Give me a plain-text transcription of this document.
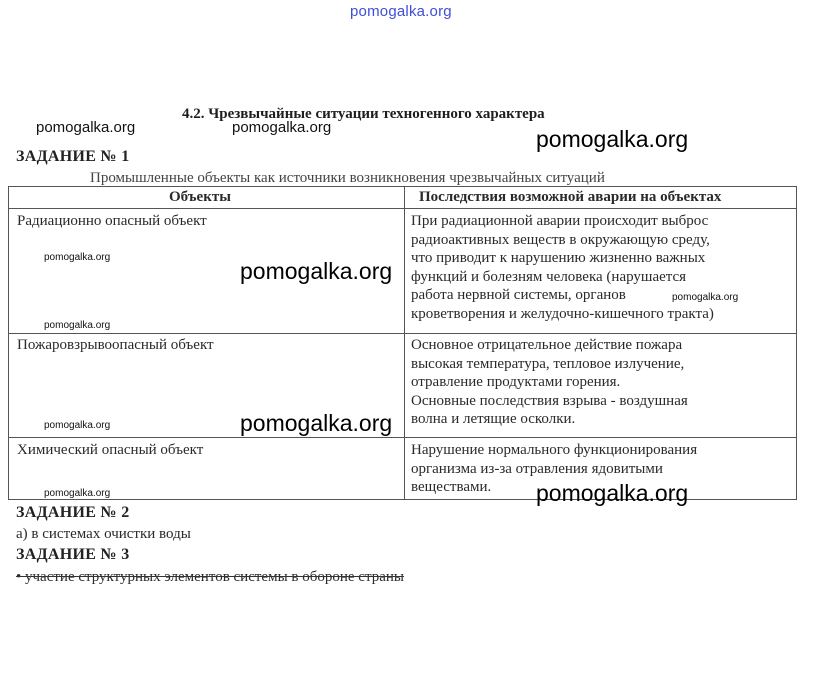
pomogalka.org
4.2. Чрезвычайные ситуации техногенного характера
pomogalka.org	pomogalka.org	pomogalka.org
ЗАДАНИЕ № 1
Промышленные объекты как источники возникновения чрезвычайных ситуаций
Объекты	Последствия возможной аварии на объектах
Радиационно опасный объект	При радиационной аварии происходит выброс
радиоактивных веществ в окружающую среду,
что приводит к нарушению жизненно важных
функций и болезням человека (нарушается
работа нервной системы, органов
кроветворения и желудочно-кишечного тракта)
Пожаровзрывоопасный объект	Основное отрицательное действие пожара
высокая температура, тепловое излучение,
отравление продуктами горения.
Основные последствия взрыва - воздушная
волна и летящие осколки.
Химический опасный объект	Нарушение нормального функционирования
организма из-за отравления ядовитыми
веществами.
pomogalka.org
pomogalka.org
pomogalka.org
pomogalka.org
pomogalka.org	pomogalka.org
pomogalka.org	pomogalka.org
ЗАДАНИЕ № 2
а) в системах очистки воды
ЗАДАНИЕ № 3
• участие структурных элементов системы в обороне страны
